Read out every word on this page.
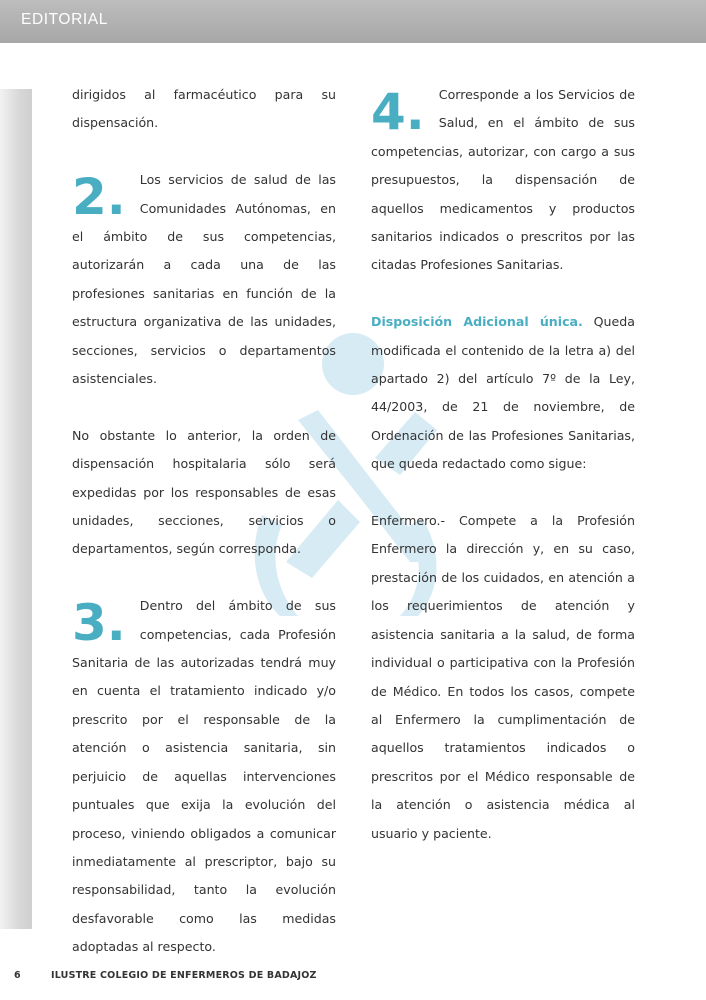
EDITORIAL

dirigidos al farmacéutico para su dispensación.

2. Los servicios de salud de las Comunidades Autónomas, en el ámbito de sus competencias, autorizarán a cada una de las profesiones sanitarias en función de la estructura organizativa de las unidades, secciones, servicios o departamentos asistenciales.

No obstante lo anterior, la orden de dispensación hospitalaria sólo será expedidas por los responsables de esas unidades, secciones, servicios o departamentos, según corresponda.

3. Dentro del ámbito de sus competencias, cada Profesión Sanitaria de las autorizadas tendrá muy en cuenta el tratamiento indicado y/o prescrito por el responsable de la atención o asistencia sanitaria, sin perjuicio de aquellas intervenciones puntuales que exija la evolución del proceso, viniendo obligados a comunicar inmediatamente al prescriptor, bajo su responsabilidad, tanto la evolución desfavorable como las medidas adoptadas al respecto.

4. Corresponde a los Servicios de Salud, en el ámbito de sus competencias, autorizar, con cargo a sus presupuestos, la dispensación de aquellos medicamentos y productos sanitarios indicados o prescritos por las citadas Profesiones Sanitarias.

Disposición Adicional única. Queda modificada el contenido de la letra a) del apartado 2) del artículo 7º de la Ley, 44/2003, de 21 de noviembre, de Ordenación de las Profesiones Sanitarias, que queda redactado como sigue:

Enfermero.- Compete a la Profesión Enfermero la dirección y, en su caso, prestación de los cuidados, en atención a los requerimientos de atención y asistencia sanitaria a la salud, de forma individual o participativa con la Profesión de Médico. En todos los casos, compete al Enfermero la cumplimentación de aquellos tratamientos indicados o prescritos por el Médico responsable de la atención o asistencia médica al usuario y paciente.

6	ILUSTRE COLEGIO DE ENFERMEROS DE BADAJOZ
